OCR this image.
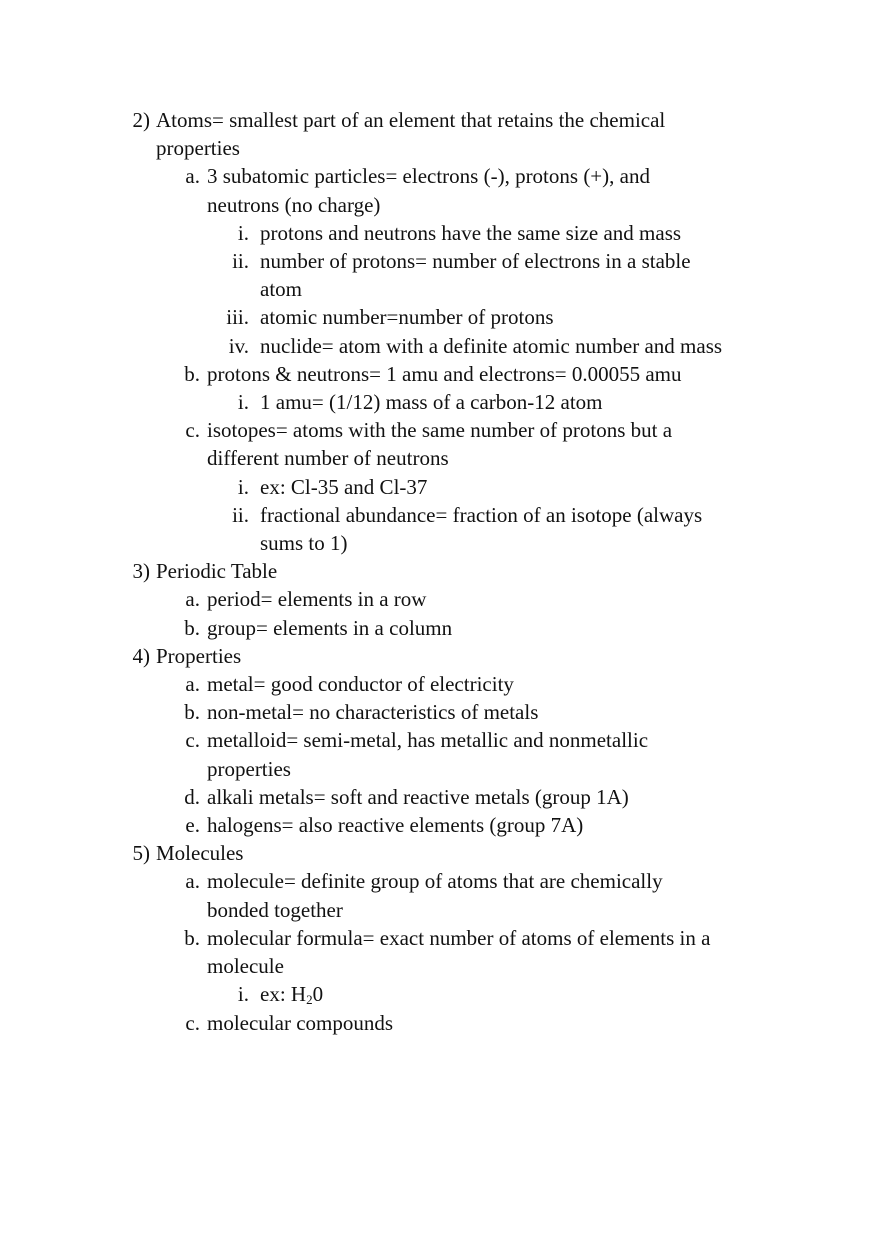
2) Atoms= smallest part of an element that retains the chemical
properties
a. 3 subatomic particles= electrons (-), protons (+), and
neutrons (no charge)
i. protons and neutrons have the same size and mass
ii. number of protons= number of electrons in a stable
atom
iii. atomic number=number of protons
iv. nuclide= atom with a definite atomic number and mass
b. protons & neutrons= 1 amu and electrons= 0.00055 amu
i. 1 amu= (1/12) mass of a carbon-12 atom
c. isotopes= atoms with the same number of protons but a
different number of neutrons
i. ex: Cl-35 and Cl-37
ii. fractional abundance= fraction of an isotope (always
sums to 1)
3) Periodic Table
a. period= elements in a row
b. group= elements in a column
4) Properties
a. metal= good conductor of electricity
b. non-metal= no characteristics of metals
c. metalloid= semi-metal, has metallic and nonmetallic
properties
d. alkali metals= soft and reactive metals (group 1A)
e. halogens= also reactive elements (group 7A)
5) Molecules
a. molecule= definite group of atoms that are chemically
bonded together
b. molecular formula= exact number of atoms of elements in a
molecule
i. ex: $H_20$
c. molecular compounds
